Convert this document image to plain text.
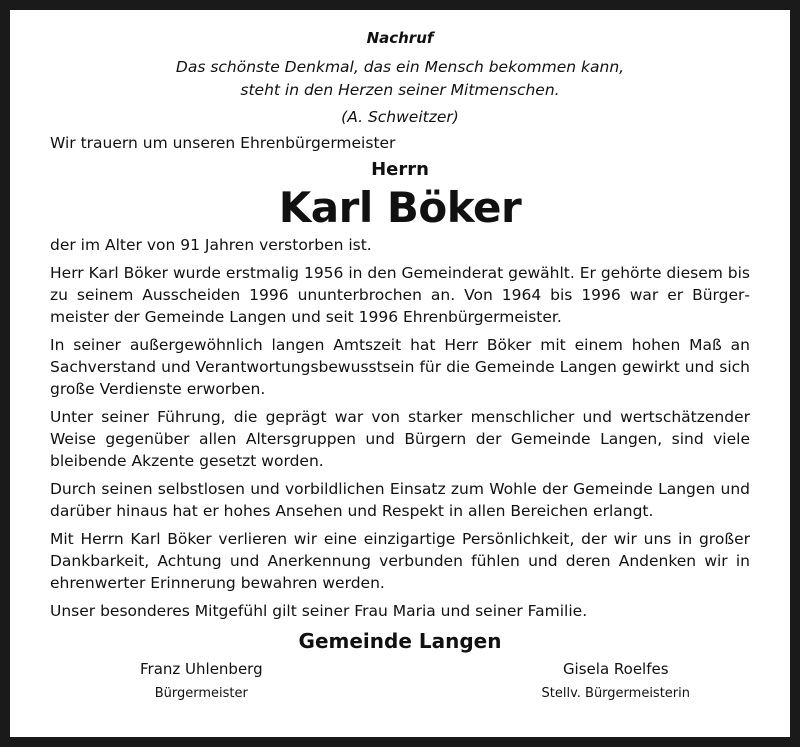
Nachruf

Das schönste Denkmal, das ein Mensch bekommen kann,

steht in den Herzen seiner Mitmenschen.

(A. Schweitzer)

Wir trauern um unseren Ehrenbürgermeister

Herrn

Karl Böker

der im Alter von 91 Jahren verstorben ist.

Herr Karl Böker wurde erstmalig 1956 in den Gemeinderat gewählt. Er gehörte diesem bis zu seinem Ausscheiden 1996 ununterbrochen an. Von 1964 bis 1996 war er Bürgermeister der Gemeinde Langen und seit 1996 Ehrenbürgermeister.

In seiner außergewöhnlich langen Amtszeit hat Herr Böker mit einem hohen Maß an Sachverstand und Verantwortungsbewusstsein für die Gemeinde Langen gewirkt und sich große Verdienste erworben.

Unter seiner Führung, die geprägt war von starker menschlicher und wertschätzender Weise gegenüber allen Altersgruppen und Bürgern der Gemeinde Langen, sind viele bleibende Akzente gesetzt worden.

Durch seinen selbstlosen und vorbildlichen Einsatz zum Wohle der Gemeinde Langen und darüber hinaus hat er hohes Ansehen und Respekt in allen Bereichen erlangt.

Mit Herrn Karl Böker verlieren wir eine einzigartige Persönlichkeit, der wir uns in großer Dankbarkeit, Achtung und Anerkennung verbunden fühlen und deren Andenken wir in ehrenwerter Erinnerung bewahren werden.

Unser besonderes Mitgefühl gilt seiner Frau Maria und seiner Familie.

Gemeinde Langen

Franz Uhlenberg
Bürgermeister
Gisela Roelfes
Stellv. Bürgermeisterin
